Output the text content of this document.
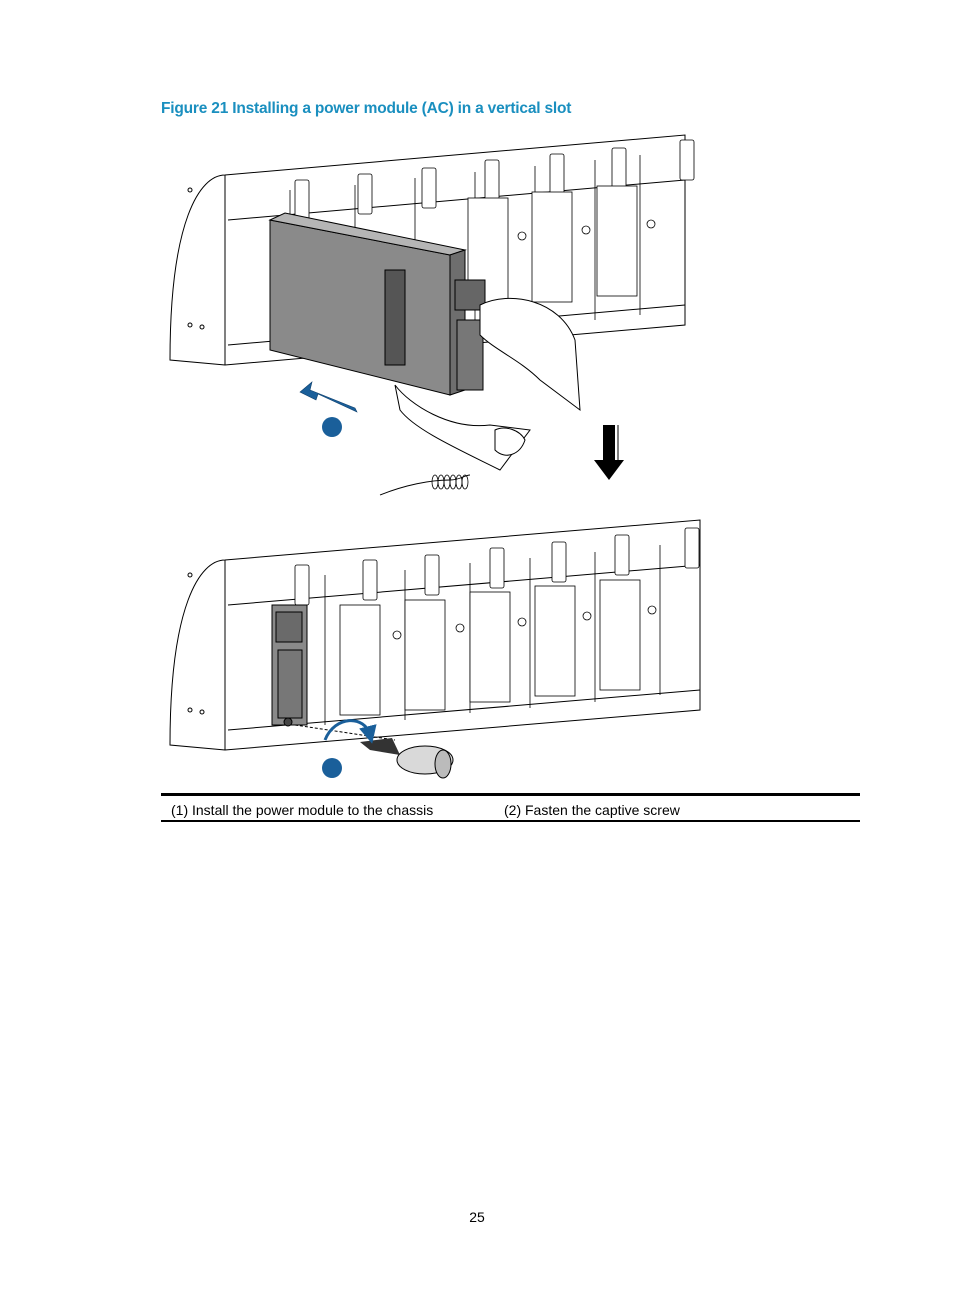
Figure 21 Installing a power module (AC) in a vertical slot
(1) Install the power module to the chassis	(2) Fasten the captive screw
25
